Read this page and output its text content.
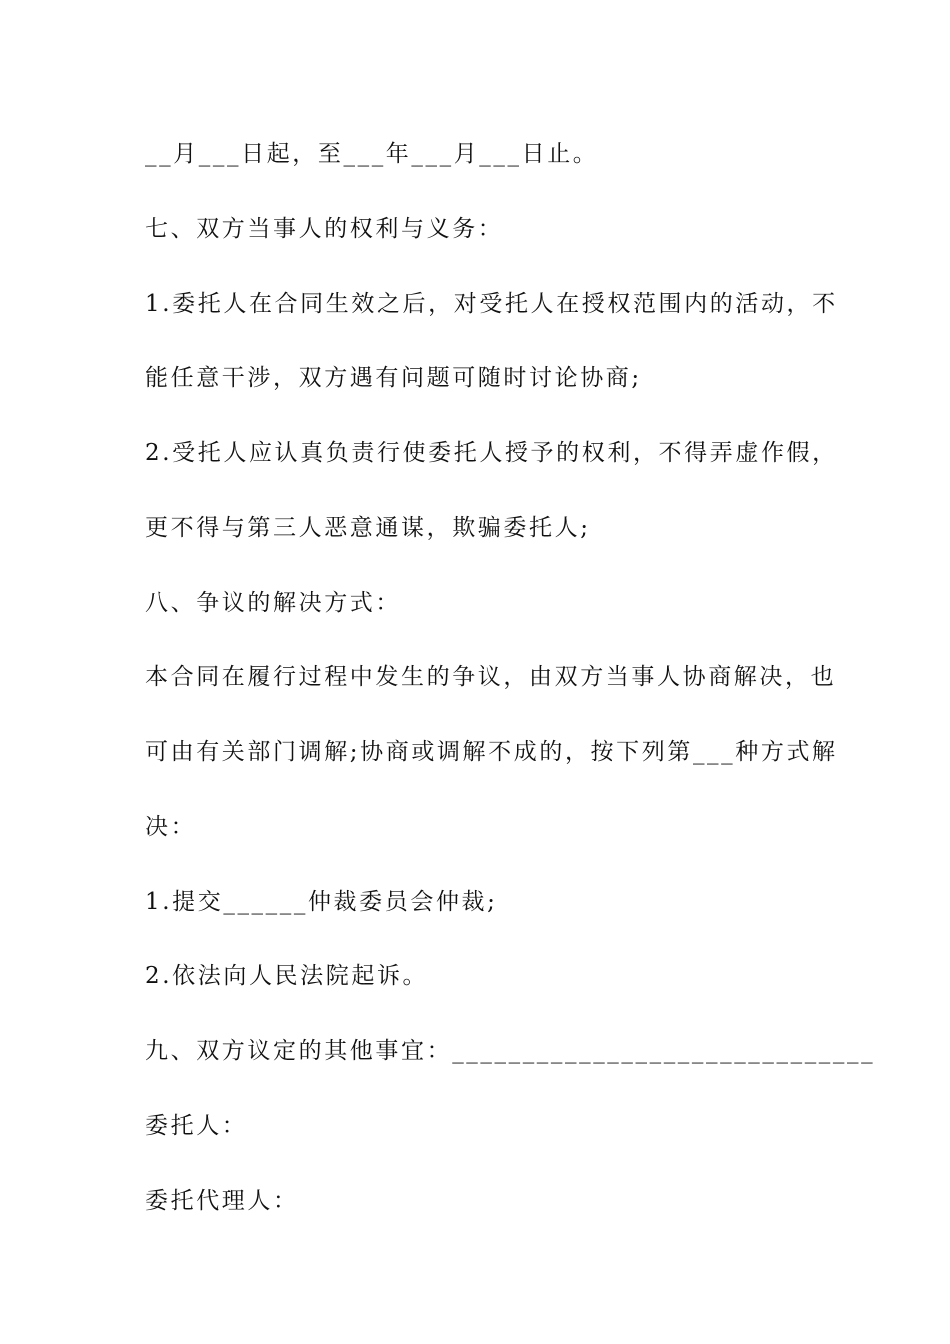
__月___日起，至___年___月___日止。
七、双方当事人的权利与义务：
1.委托人在合同生效之后，对受托人在授权范围内的活动，不
能任意干涉，双方遇有问题可随时讨论协商;
2.受托人应认真负责行使委托人授予的权利，不得弄虚作假，
更不得与第三人恶意通谋，欺骗委托人;
八、争议的解决方式：
本合同在履行过程中发生的争议，由双方当事人协商解决，也
可由有关部门调解;协商或调解不成的，按下列第___种方式解
决：
1.提交______仲裁委员会仲裁;
2.依法向人民法院起诉。
九、双方议定的其他事宜：______________________________
委托人：
委托代理人：
